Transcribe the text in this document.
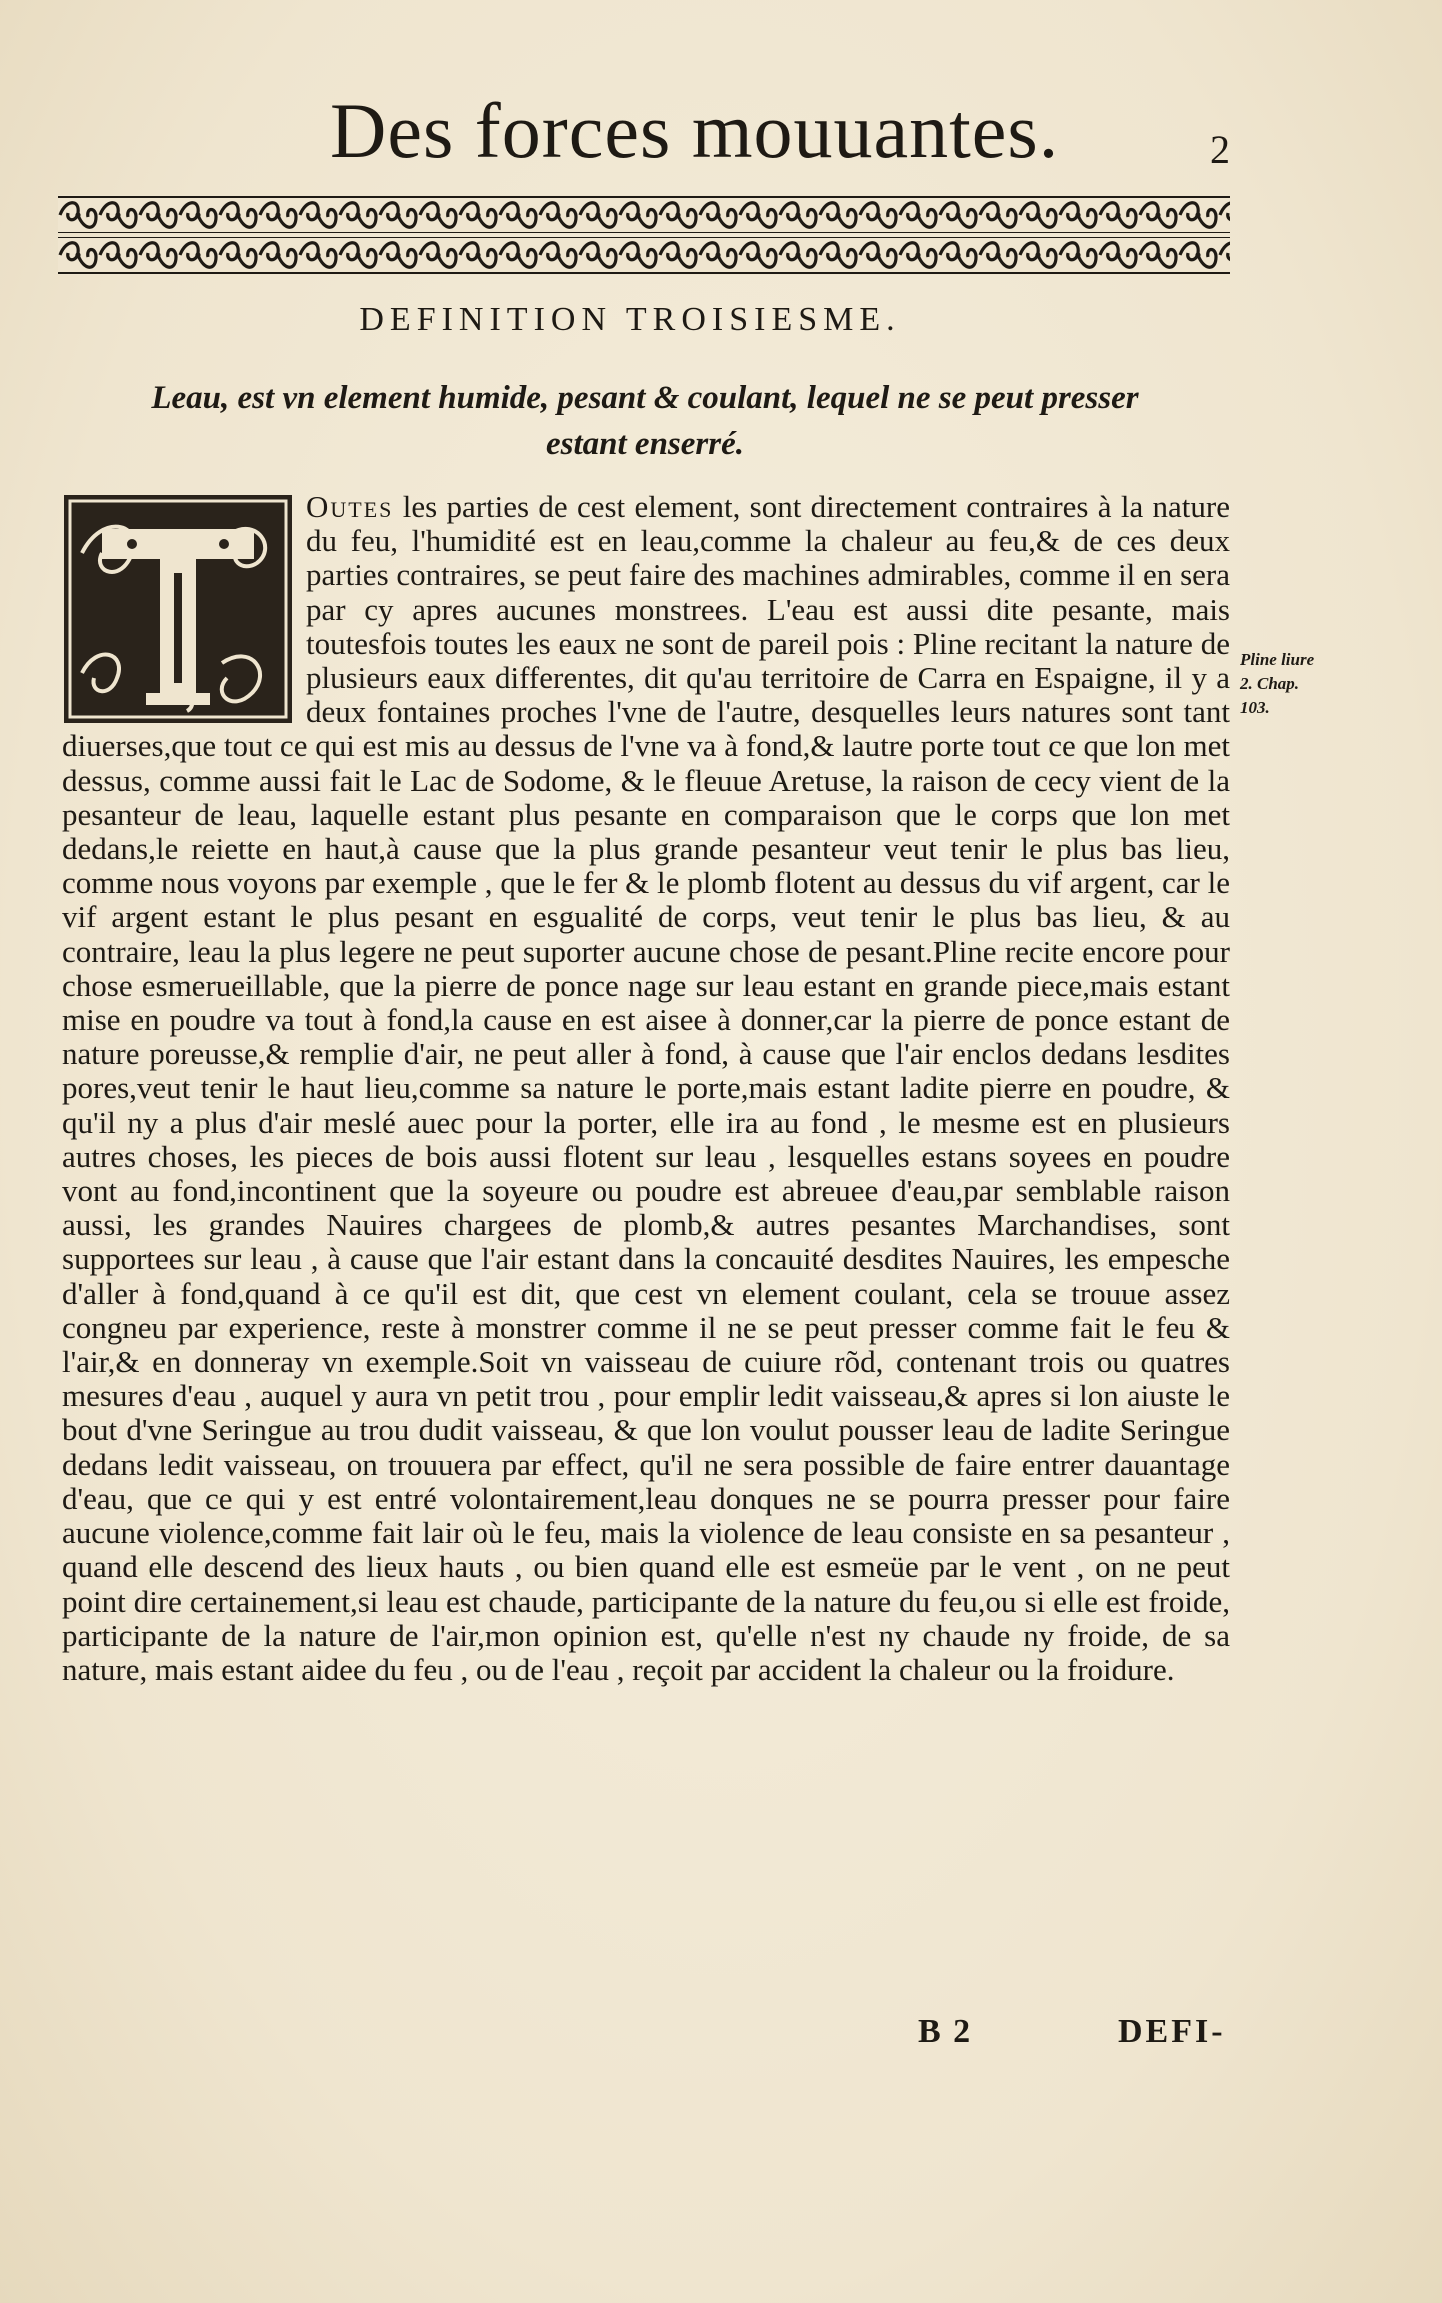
Des forces mouuantes.	2
DEFINITION TROISIESME.
Leau, est vn element humide, pesant & coulant, lequel ne se peut presser estant enserré.
Outes les parties de cest element, sont directement contraires à la nature du feu, l'humidité est en leau,comme la chaleur au feu,& de ces deux parties contraires, se peut faire des machines admirables, comme il en sera par cy apres aucunes monstrees. L'eau est aussi dite pesante, mais toutesfois toutes les eaux ne sont de pareil pois : Pline recitant la nature de plusieurs eaux differentes, dit qu'au territoire de Carra en Espaigne, il y a deux fontaines proches l'vne de l'autre, desquelles leurs natures sont tant diuerses,que tout ce qui est mis au dessus de l'vne va à fond,& lautre porte tout ce que lon met dessus, comme aussi fait le Lac de Sodome, & le fleuue Aretuse, la raison de cecy vient de la pesanteur de leau, laquelle estant plus pesante en comparaison que le corps que lon met dedans,le reiette en haut,à cause que la plus grande pesanteur veut tenir le plus bas lieu, comme nous voyons par exemple , que le fer & le plomb flotent au dessus du vif argent, car le vif argent estant le plus pesant en esgualité de corps, veut tenir le plus bas lieu, & au contraire, leau la plus legere ne peut suporter aucune chose de pesant.Pline recite encore pour chose esmerueillable, que la pierre de ponce nage sur leau estant en grande piece,mais estant mise en poudre va tout à fond,la cause en est aisee à donner,car la pierre de ponce estant de nature poreusse,& remplie d'air, ne peut aller à fond, à cause que l'air enclos dedans lesdites pores,veut tenir le haut lieu,comme sa nature le porte,mais estant ladite pierre en poudre, & qu'il ny a plus d'air meslé auec pour la porter, elle ira au fond , le mesme est en plusieurs autres choses, les pieces de bois aussi flotent sur leau , lesquelles estans soyees en poudre vont au fond,incontinent que la soyeure ou poudre est abreuee d'eau,par semblable raison aussi, les grandes Nauires chargees de plomb,& autres pesantes Marchandises, sont supportees sur leau , à cause que l'air estant dans la concauité desdites Nauires, les empesche d'aller à fond,quand à ce qu'il est dit, que cest vn element coulant, cela se trouue assez congneu par experience, reste à monstrer comme il ne se peut presser comme fait le feu & l'air,& en donneray vn exemple.Soit vn vaisseau de cuiure rõd, contenant trois ou quatres mesures d'eau , auquel y aura vn petit trou , pour emplir ledit vaisseau,& apres si lon aiuste le bout d'vne Seringue au trou dudit vaisseau, & que lon voulut pousser leau de ladite Seringue dedans ledit vaisseau, on trouuera par effect, qu'il ne sera possible de faire entrer dauantage d'eau, que ce qui y est entré volontairement,leau donques ne se pourra presser pour faire aucune violence,comme fait lair où le feu, mais la violence de leau consiste en sa pesanteur , quand elle descend des lieux hauts , ou bien quand elle est esmeüe par le vent , on ne peut point dire certainement,si leau est chaude, participante de la nature du feu,ou si elle est froide, participante de la nature de l'air,mon opinion est, qu'elle n'est ny chaude ny froide, de sa nature, mais estant aidee du feu , ou de l'eau , reçoit par accident la chaleur ou la froidure.
Pline liure
2. Chap.
103.
B 2	DEFI-
